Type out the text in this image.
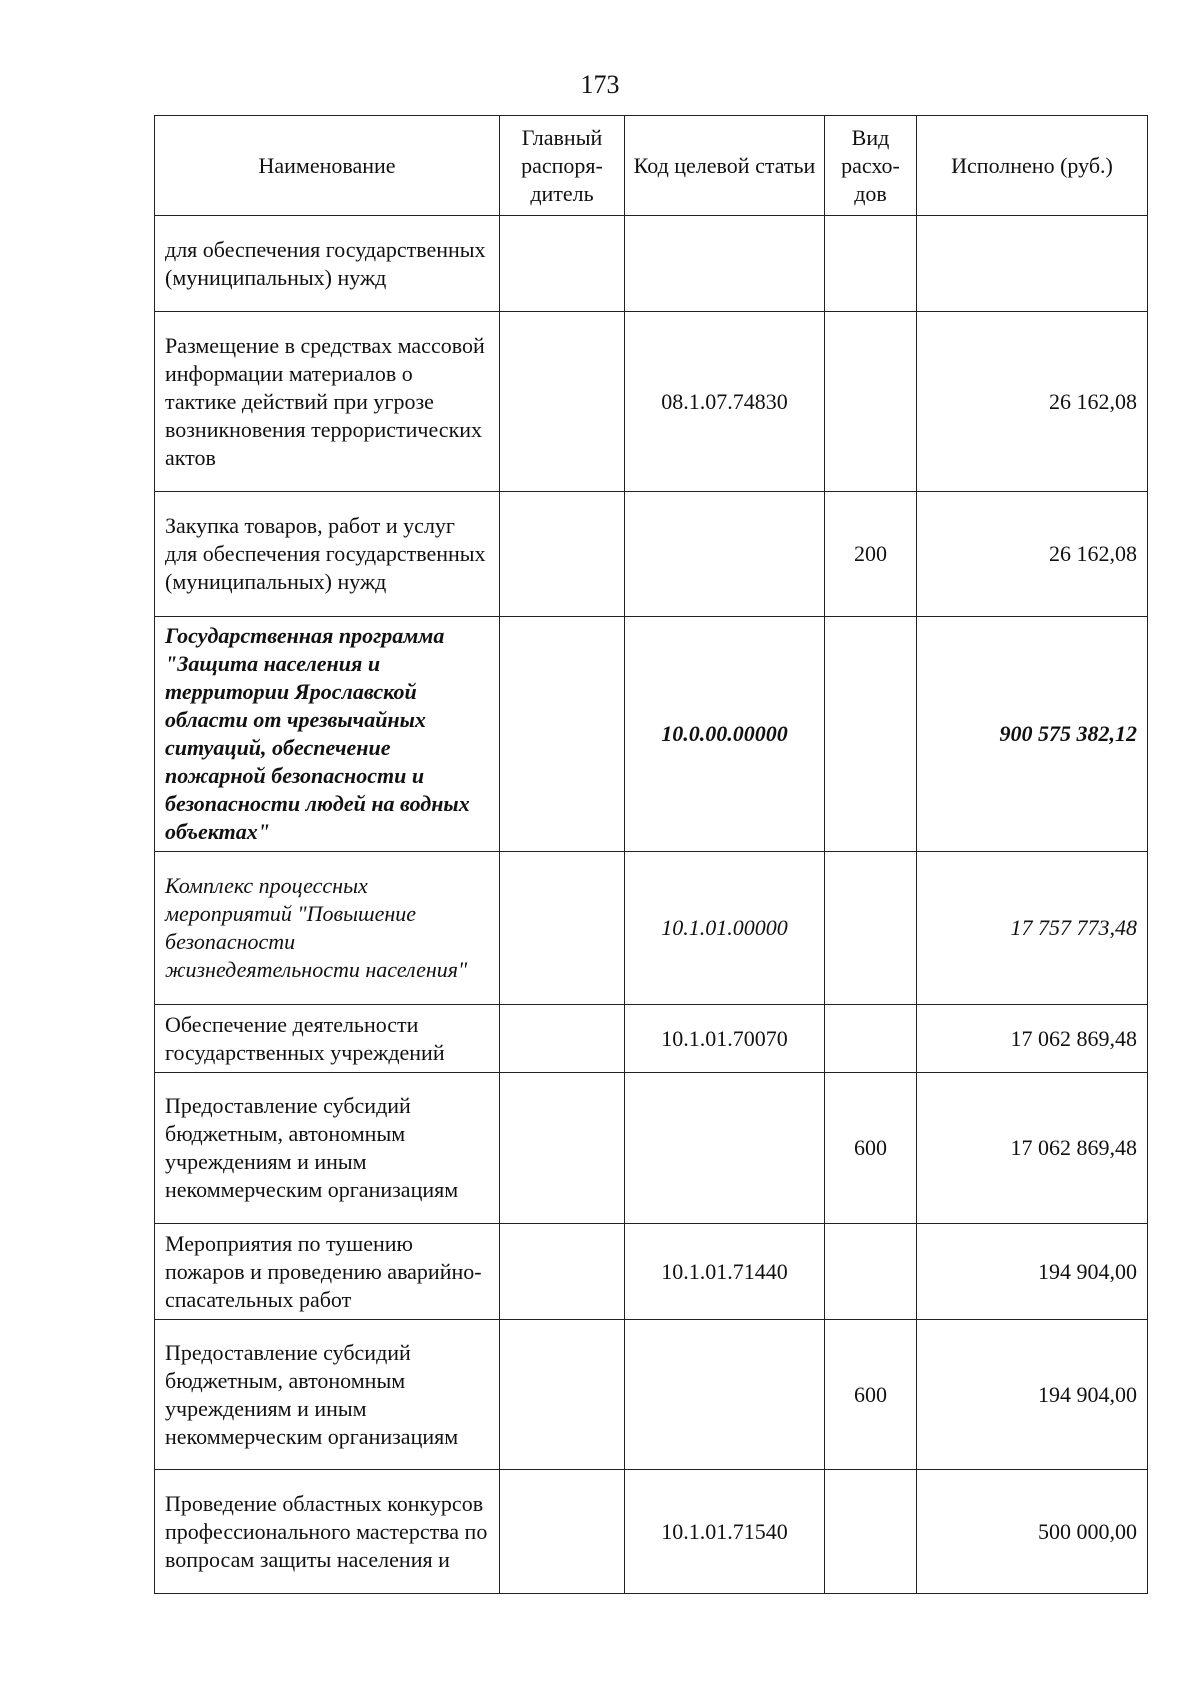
173
Наименование	Главный распоря-дитель	Код целевой статьи	Вид расхо-дов	Исполнено (руб.)
для обеспечения государственных (муниципальных) нужд				
Размещение в средствах массовой информации материалов о тактике действий при угрозе возникновения террористических актов		08.1.07.74830		26 162,08
Закупка товаров, работ и услуг для обеспечения государственных (муниципальных) нужд			200	26 162,08
Государственная программа "Защита населения и территории Ярославской области от чрезвычайных ситуаций, обеспечение пожарной безопасности и безопасности людей на водных объектах"		10.0.00.00000		900 575 382,12
Комплекс процессных мероприятий "Повышение безопасности жизнедеятельности населения"		10.1.01.00000		17 757 773,48
Обеспечение деятельности государственных учреждений		10.1.01.70070		17 062 869,48
Предоставление субсидий бюджетным, автономным учреждениям и иным некоммерческим организациям			600	17 062 869,48
Мероприятия по тушению пожаров и проведению аварийно-спасательных работ		10.1.01.71440		194 904,00
Предоставление субсидий бюджетным, автономным учреждениям и иным некоммерческим организациям			600	194 904,00
Проведение областных конкурсов профессионального мастерства по вопросам защиты населения и		10.1.01.71540		500 000,00
